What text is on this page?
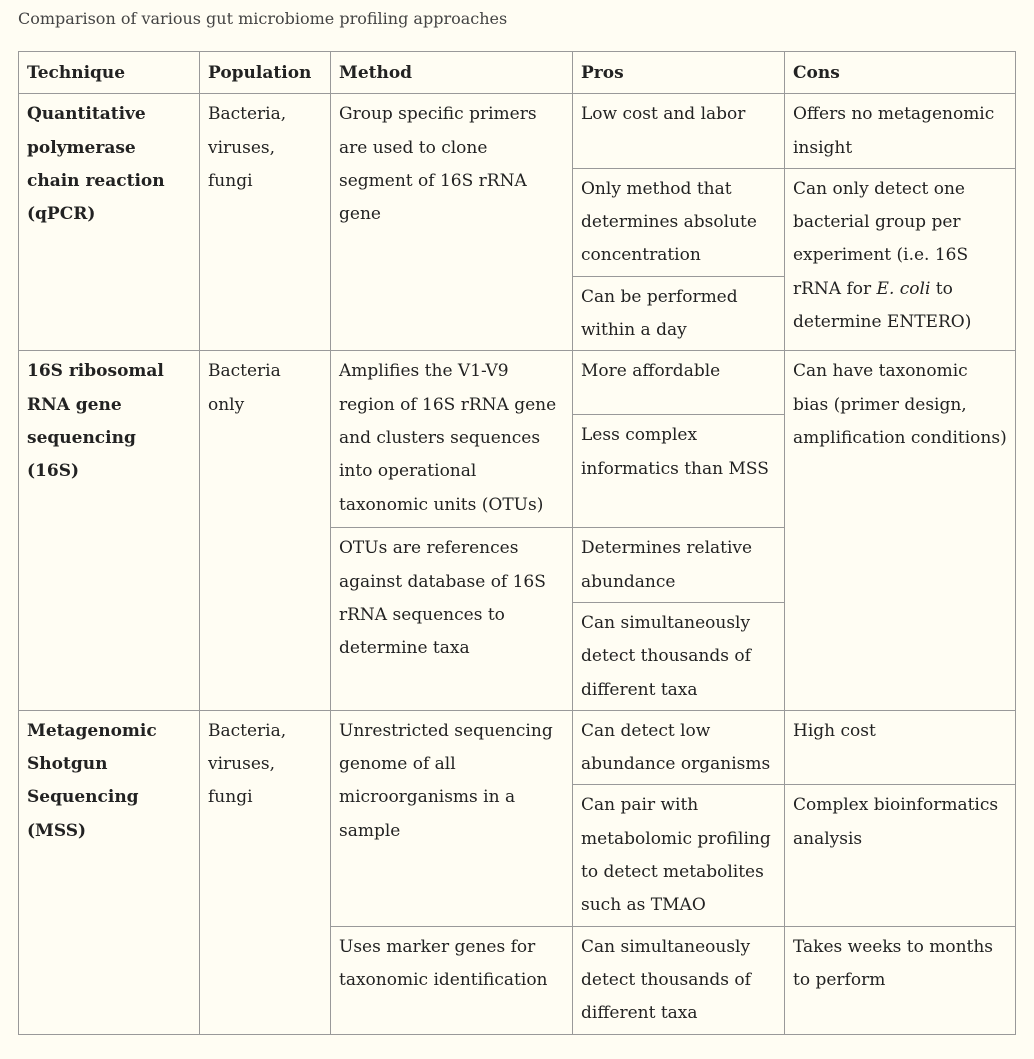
Comparison of various gut microbiome profiling approaches
Technique	Population	Method	Pros	Cons
Quantitative polymerase chain reaction (qPCR)	Bacteria, viruses, fungi	Group specific primers are used to clone segment of 16S rRNA gene	Low cost and labor	Offers no metagenomic insight
			Only method that determines absolute concentration	Can only detect one bacterial group per experiment (i.e. 16S rRNA for E. coli to determine ENTERO)
			Can be performed within a day	
16S ribosomal RNA gene sequencing (16S)	Bacteria only	Amplifies the V1-V9 region of 16S rRNA gene and clusters sequences into operational taxonomic units (OTUs)	More affordable	Can have taxonomic bias (primer design, amplification conditions)
			Less complex informatics than MSS	
		OTUs are references against database of 16S rRNA sequences to determine taxa	Determines relative abundance	
			Can simultaneously detect thousands of different taxa	
Metagenomic Shotgun Sequencing (MSS)	Bacteria, viruses, fungi	Unrestricted sequencing genome of all microorganisms in a sample	Can detect low abundance organisms	High cost
			Can pair with metabolomic profiling to detect metabolites such as TMAO	Complex bioinformatics analysis
		Uses marker genes for taxonomic identification	Can simultaneously detect thousands of different taxa	Takes weeks to months to perform
